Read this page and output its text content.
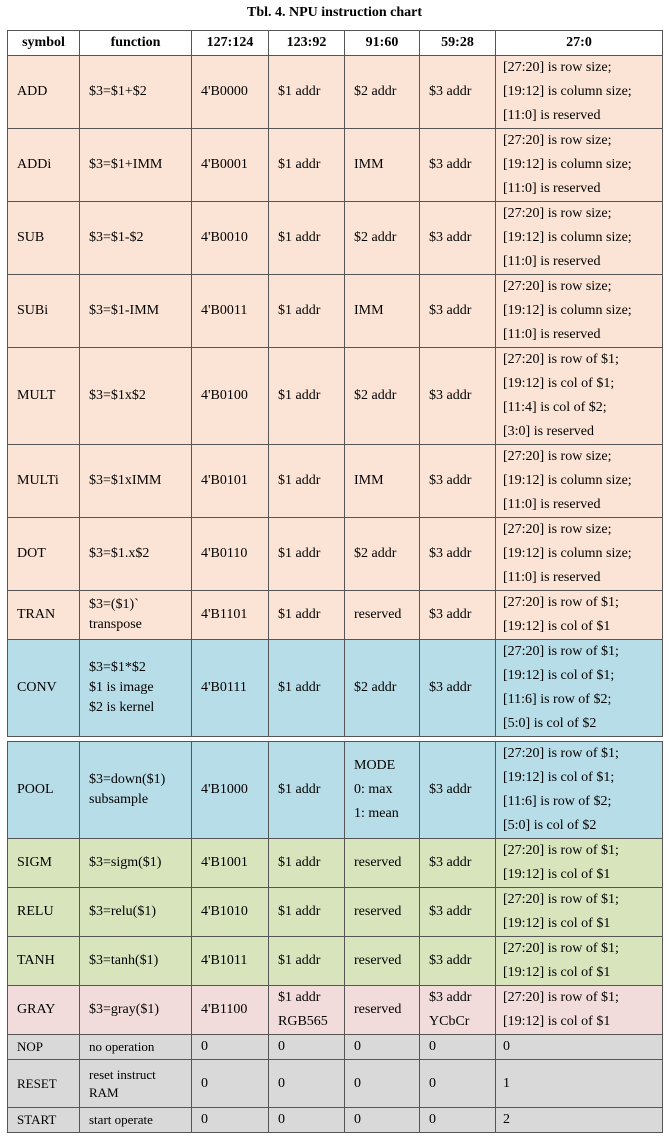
Tbl. 4. NPU instruction chart
symbol	function	127:124	123:92	91:60	59:28	27:0
ADD	$3=$1+$2	4'B0000	$1 addr	$2 addr	$3 addr	[27:20] is row size;
[19:12] is column size;
[11:0] is reserved
ADDi	$3=$1+IMM	4'B0001	$1 addr	IMM	$3 addr	[27:20] is row size;
[19:12] is column size;
[11:0] is reserved
SUB	$3=$1-$2	4'B0010	$1 addr	$2 addr	$3 addr	[27:20] is row size;
[19:12] is column size;
[11:0] is reserved
SUBi	$3=$1-IMM	4'B0011	$1 addr	IMM	$3 addr	[27:20] is row size;
[19:12] is column size;
[11:0] is reserved
MULT	$3=$1x$2	4'B0100	$1 addr	$2 addr	$3 addr	[27:20] is row of $1;
[19:12] is col of $1;
[11:4] is col of $2;
[3:0] is reserved
MULTi	$3=$1xIMM	4'B0101	$1 addr	IMM	$3 addr	[27:20] is row size;
[19:12] is column size;
[11:0] is reserved
DOT	$3=$1.x$2	4'B0110	$1 addr	$2 addr	$3 addr	[27:20] is row size;
[19:12] is column size;
[11:0] is reserved
TRAN	$3=($1)`
transpose	4'B1101	$1 addr	reserved	$3 addr	[27:20] is row of $1;
[19:12] is col of $1
CONV	$3=$1*$2
$1 is image
$2 is kernel	4'B0111	$1 addr	$2 addr	$3 addr	[27:20] is row of $1;
[19:12] is col of $1;
[11:6] is row of $2;
[5:0] is col of $2
POOL	$3=down($1)
subsample	4'B1000	$1 addr	MODE
0: max
1: mean	$3 addr	[27:20] is row of $1;
[19:12] is col of $1;
[11:6] is row of $2;
[5:0] is col of $2
SIGM	$3=sigm($1)	4'B1001	$1 addr	reserved	$3 addr	[27:20] is row of $1;
[19:12] is col of $1
RELU	$3=relu($1)	4'B1010	$1 addr	reserved	$3 addr	[27:20] is row of $1;
[19:12] is col of $1
TANH	$3=tanh($1)	4'B1011	$1 addr	reserved	$3 addr	[27:20] is row of $1;
[19:12] is col of $1
GRAY	$3=gray($1)	4'B1100	$1 addr
RGB565	reserved	$3 addr
YCbCr	[27:20] is row of $1;
[19:12] is col of $1
NOP	no operation	0	0	0	0	0
RESET	reset instruct
RAM	0	0	0	0	1
START	start operate	0	0	0	0	2
